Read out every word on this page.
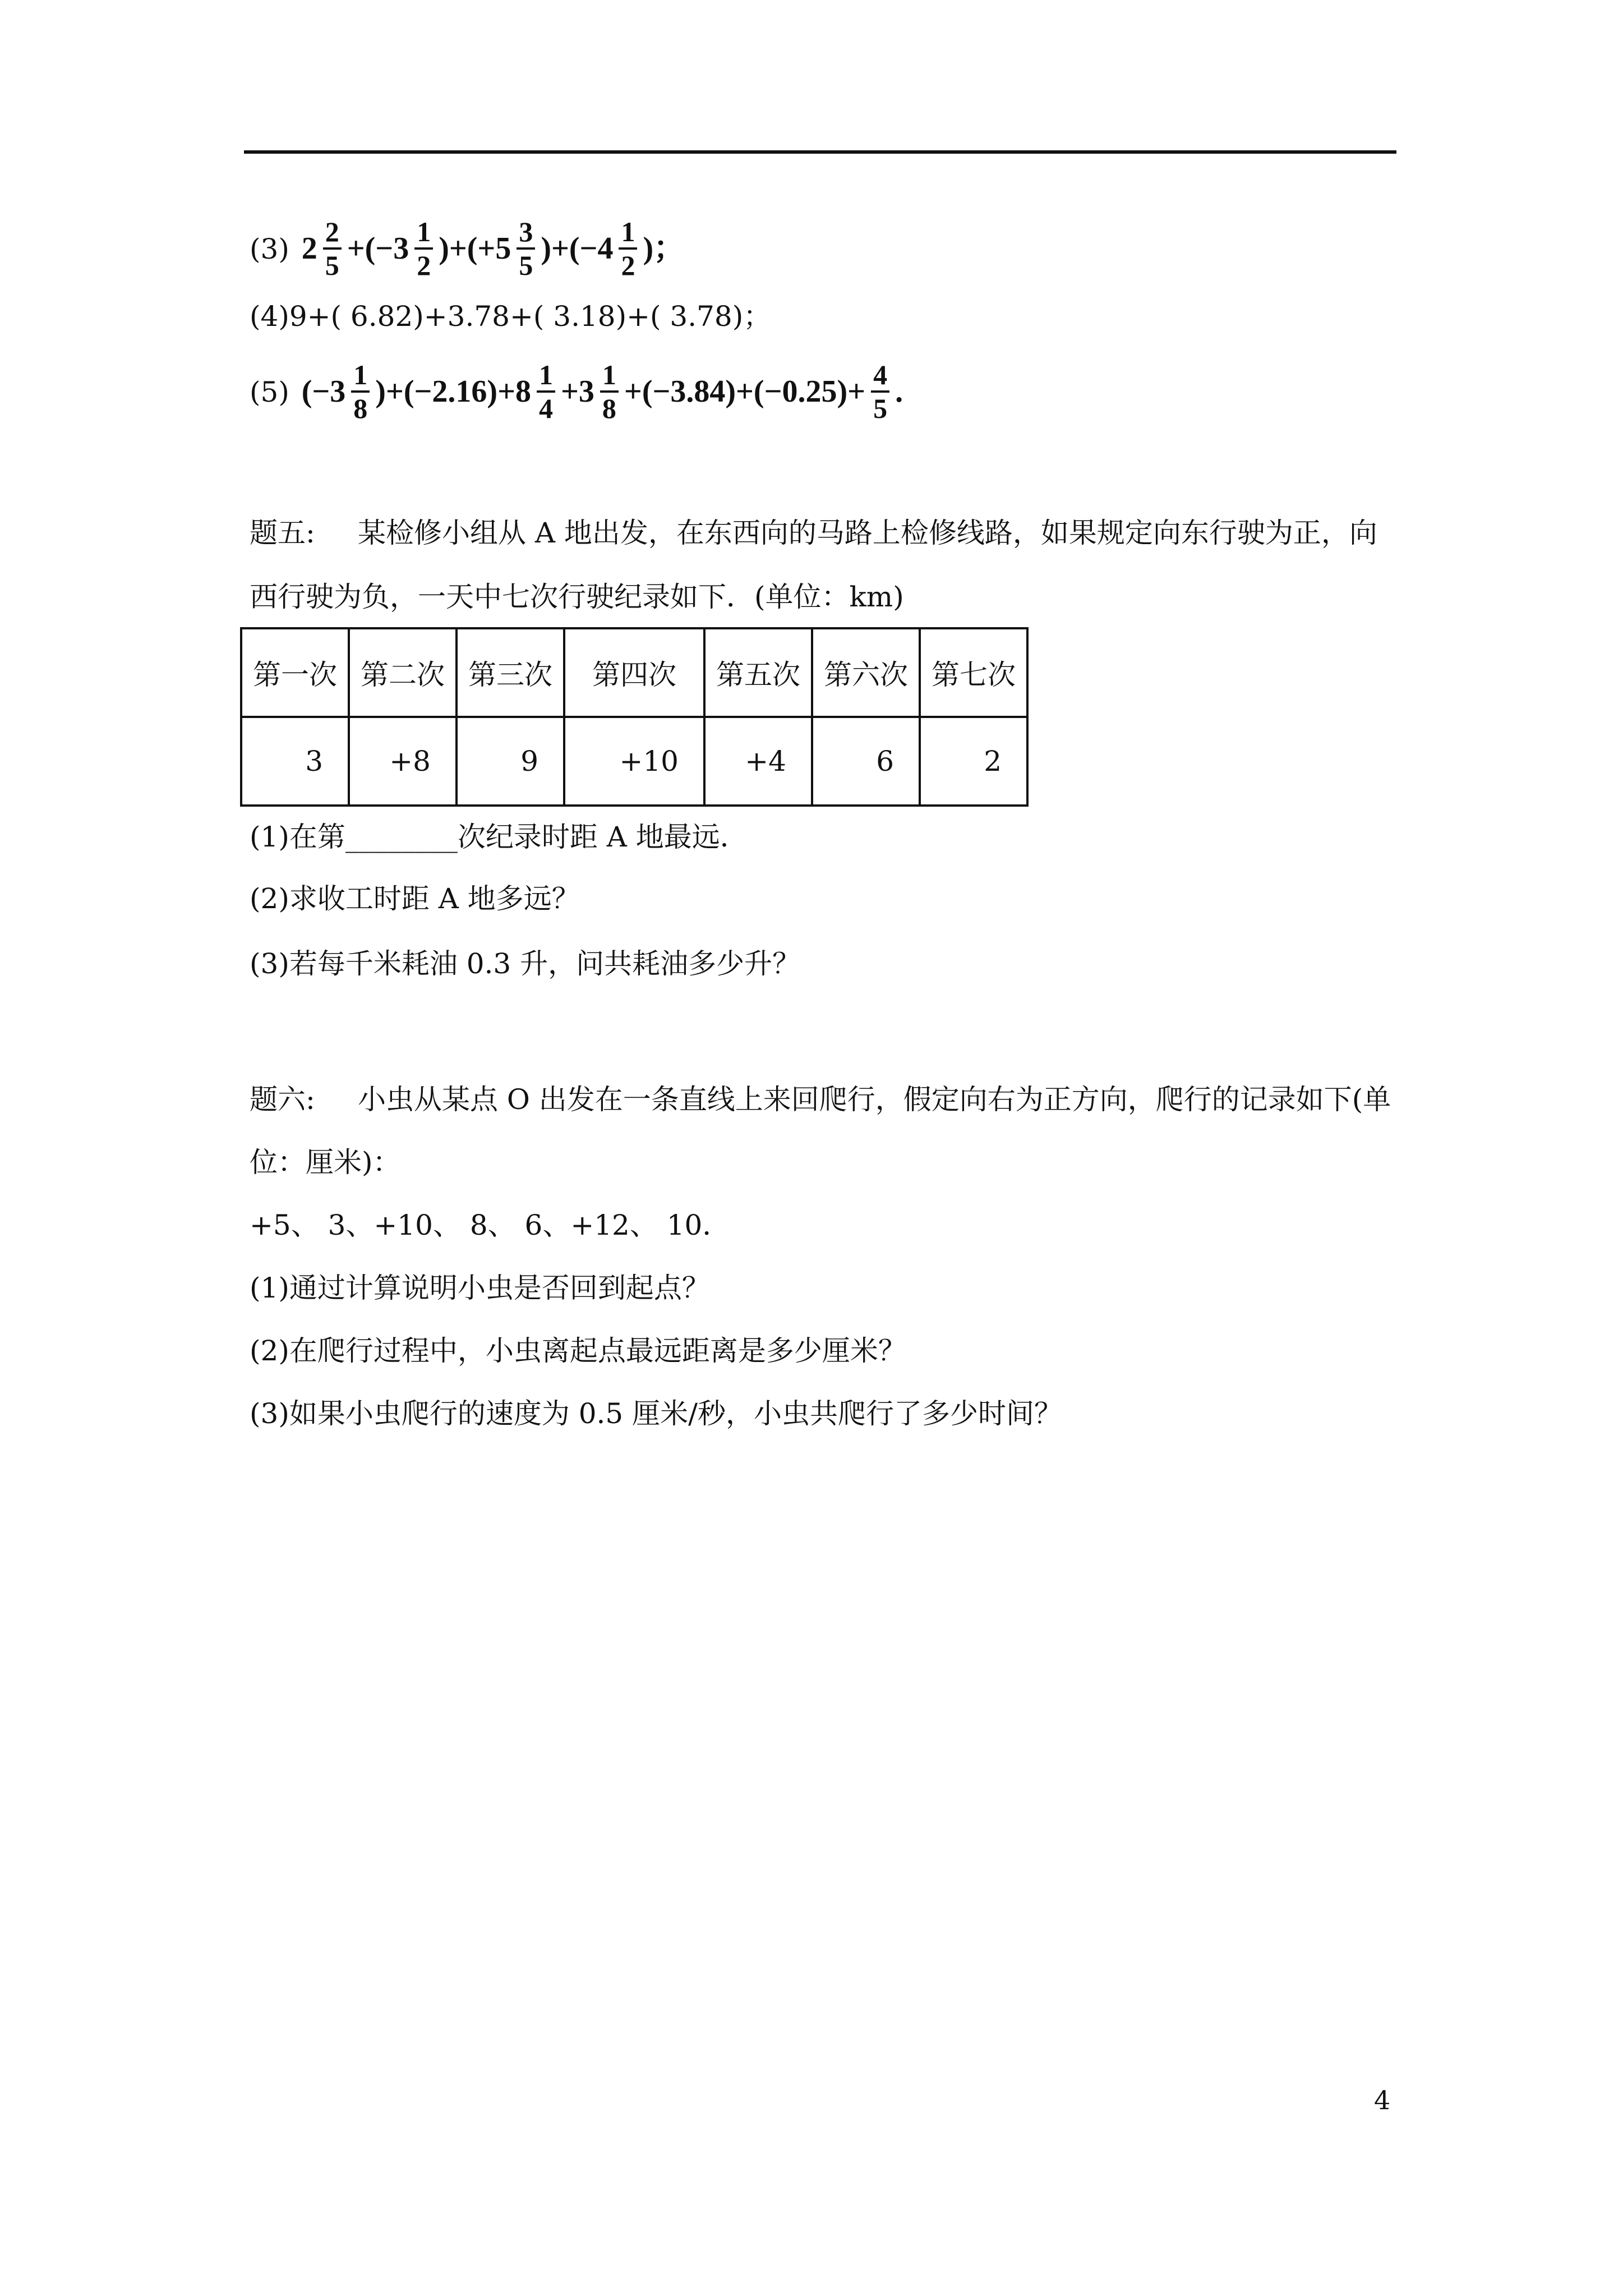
(3) $2 \frac{2}{5} +(-3 \frac{1}{2} )+(+5 \frac{3}{5} )+(-4 \frac{1}{2}$ )；
(4)9+( 6.82)+3.78+( 3.18)+( 3.78)；
(5) $(-3 \frac{1}{8} )+(-2.16)+8 \frac{1}{4} +3 \frac{1}{8} +(-3.84)+(-0.25)+ \frac{4}{5}$ .
题五: 某检修小组从 A 地出发，在东西向的马路上检修线路，如果规定向东行驶为正，向
西行驶为负，一天中七次行驶纪录如下．(单位：km)
第一次	第二次	第三次	第四次	第五次	第六次	第七次
3	+8	9	+10	+4	6	2
(1)在第________次纪录时距 A 地最远．
(2)求收工时距 A 地多远？
(3)若每千米耗油 0.3 升，问共耗油多少升？
题六: 小虫从某点 O 出发在一条直线上来回爬行，假定向右为正方向，爬行的记录如下(单
位：厘米)：
+5、 3、+10、 8、 6、+12、 10．
(1)通过计算说明小虫是否回到起点？
(2)在爬行过程中，小虫离起点最远距离是多少厘米？
(3)如果小虫爬行的速度为 0.5 厘米/秒，小虫共爬行了多少时间？
4
